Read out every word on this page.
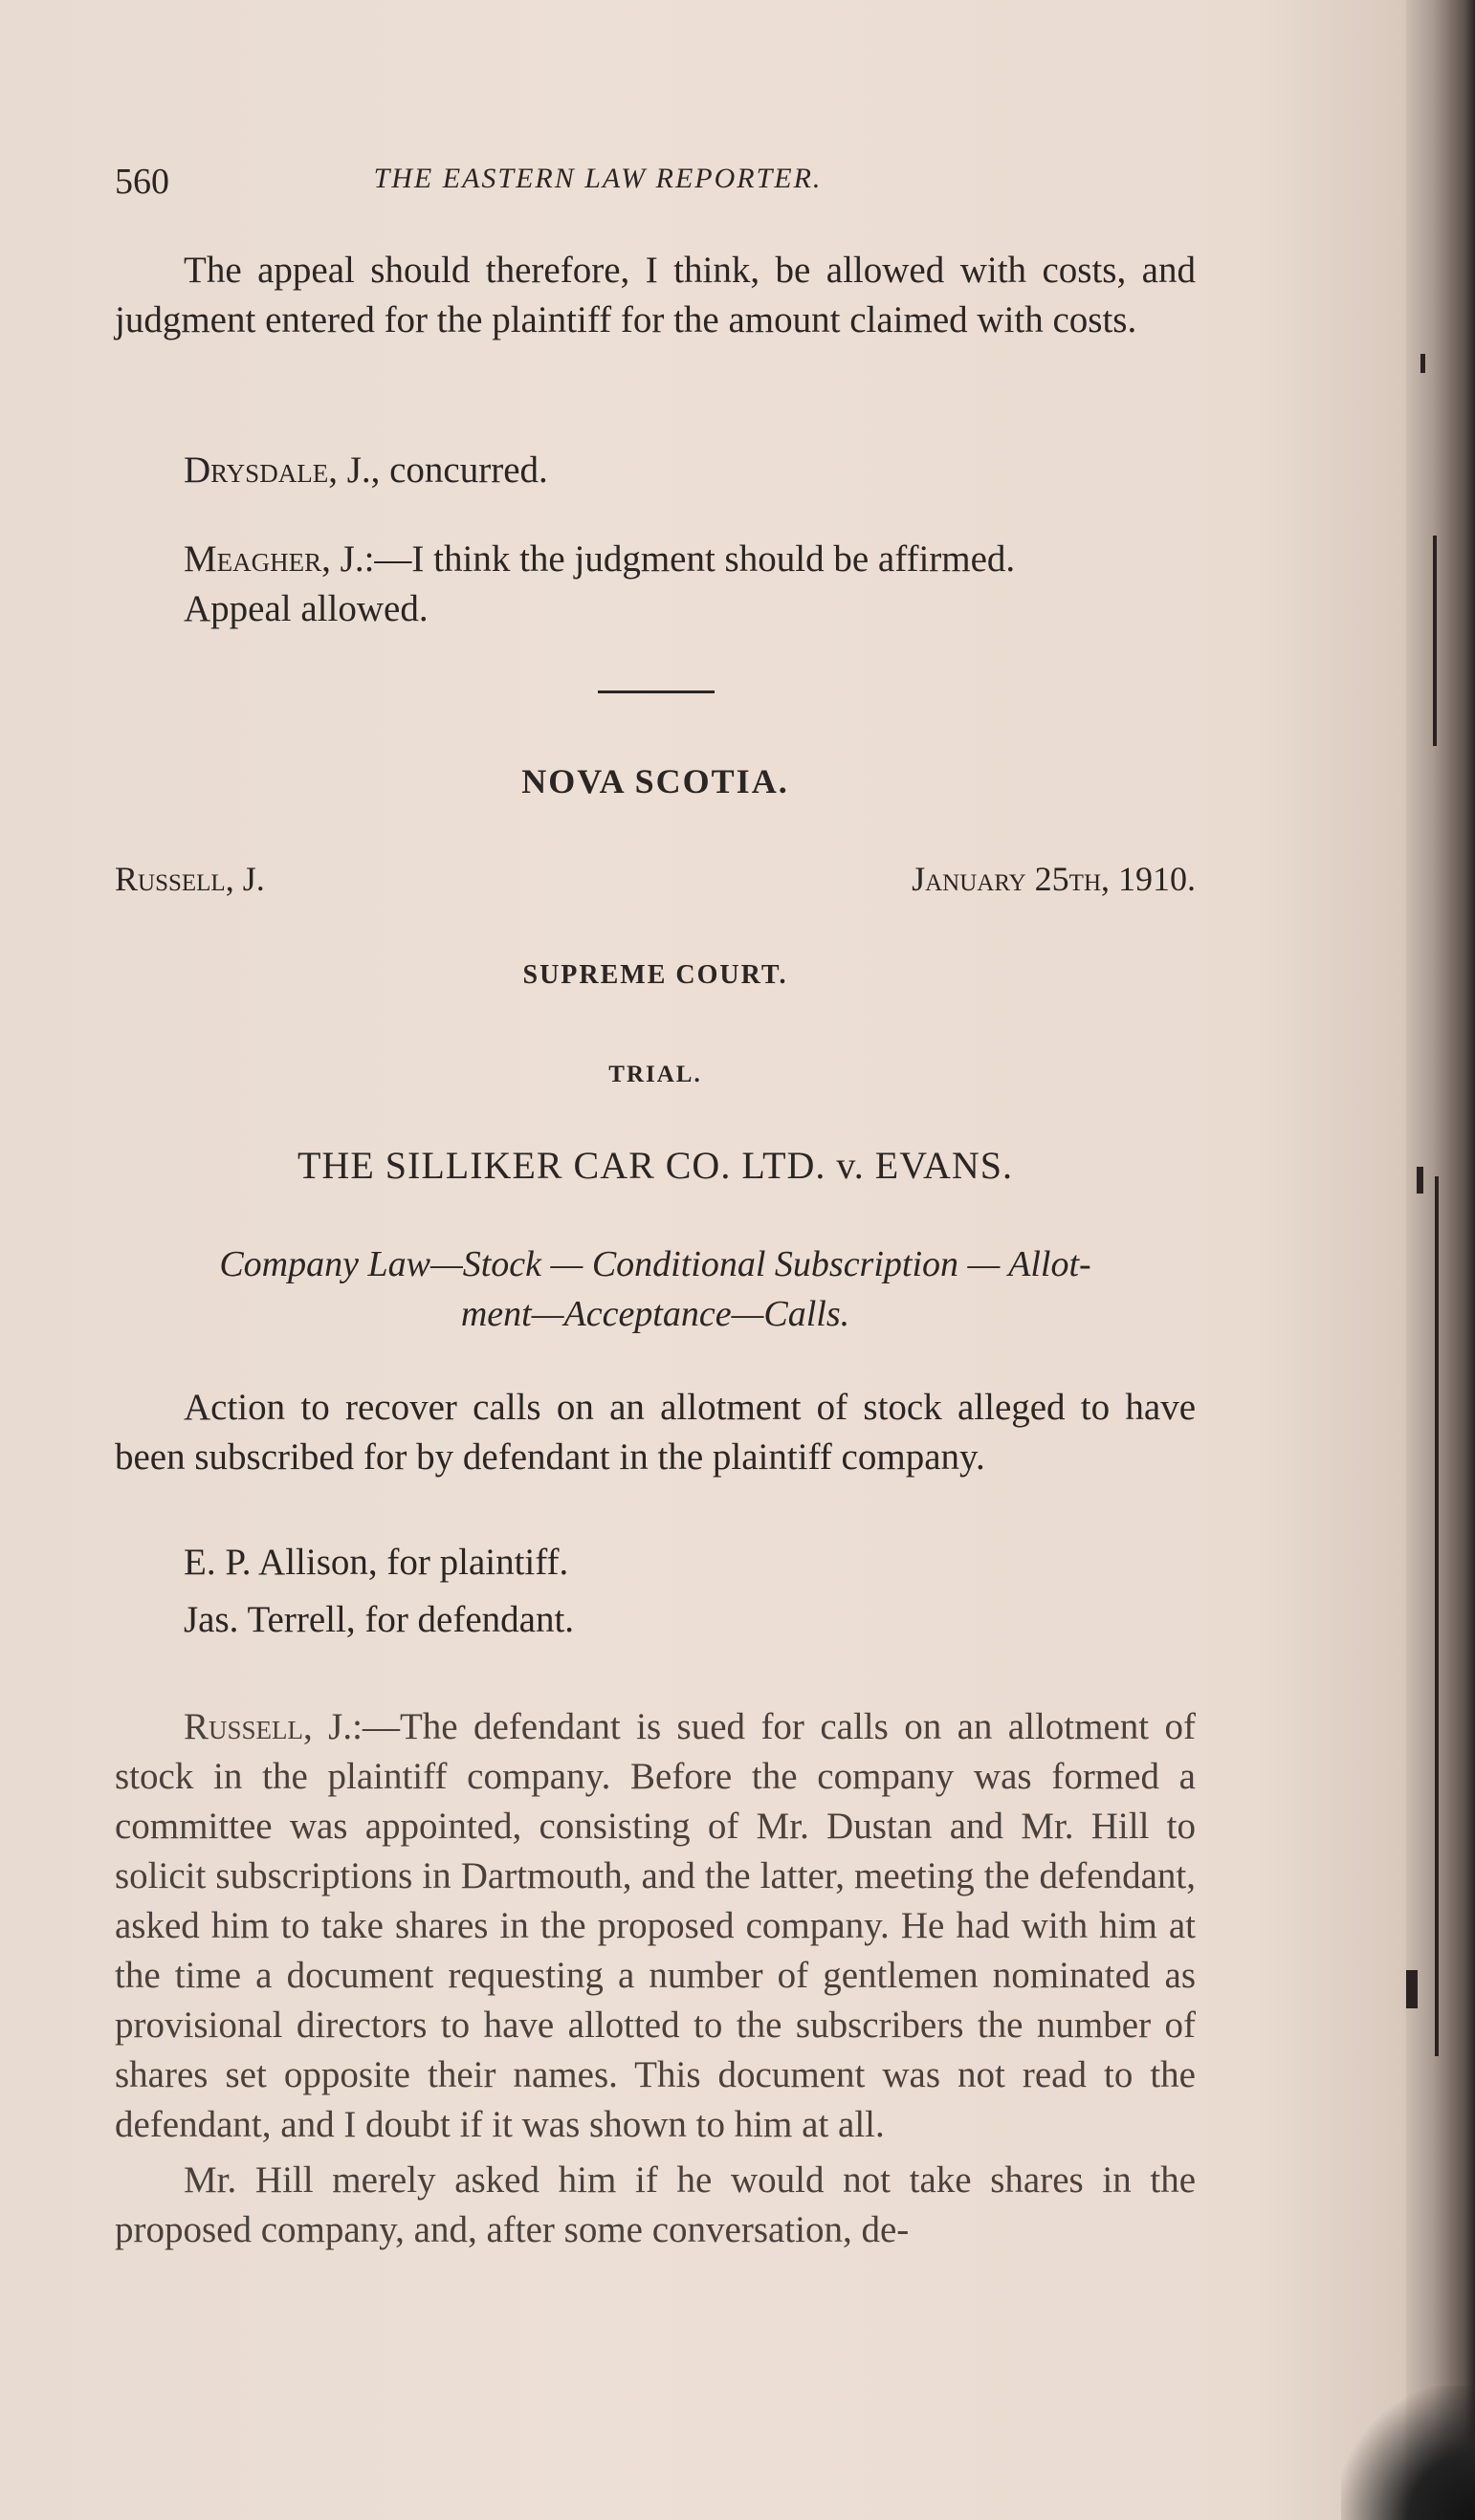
560	THE EASTERN LAW REPORTER.

The appeal should therefore, I think, be allowed with costs, and judgment entered for the plaintiff for the amount claimed with costs.

Drysdale, J., concurred.

Meagher, J.:—I think the judgment should be affirmed.

Appeal allowed.

NOVA SCOTIA.
Russell, J.	January 25th, 1910.
SUPREME COURT.
TRIAL.
THE SILLIKER CAR CO. LTD. v. EVANS.
Company Law—Stock — Conditional Subscription — Allot-
ment—Acceptance—Calls.

Action to recover calls on an allotment of stock alleged to have been subscribed for by defendant in the plaintiff company.

E. P. Allison, for plaintiff.

Jas. Terrell, for defendant.

Russell, J.:—The defendant is sued for calls on an allotment of stock in the plaintiff company. Before the company was formed a committee was appointed, consisting of Mr. Dustan and Mr. Hill to solicit subscriptions in Dartmouth, and the latter, meeting the defendant, asked him to take shares in the proposed company. He had with him at the time a document requesting a number of gentlemen nominated as provisional directors to have allotted to the subscribers the number of shares set opposite their names. This document was not read to the defendant, and I doubt if it was shown to him at all.

Mr. Hill merely asked him if he would not take shares in the proposed company, and, after some conversation, de-
